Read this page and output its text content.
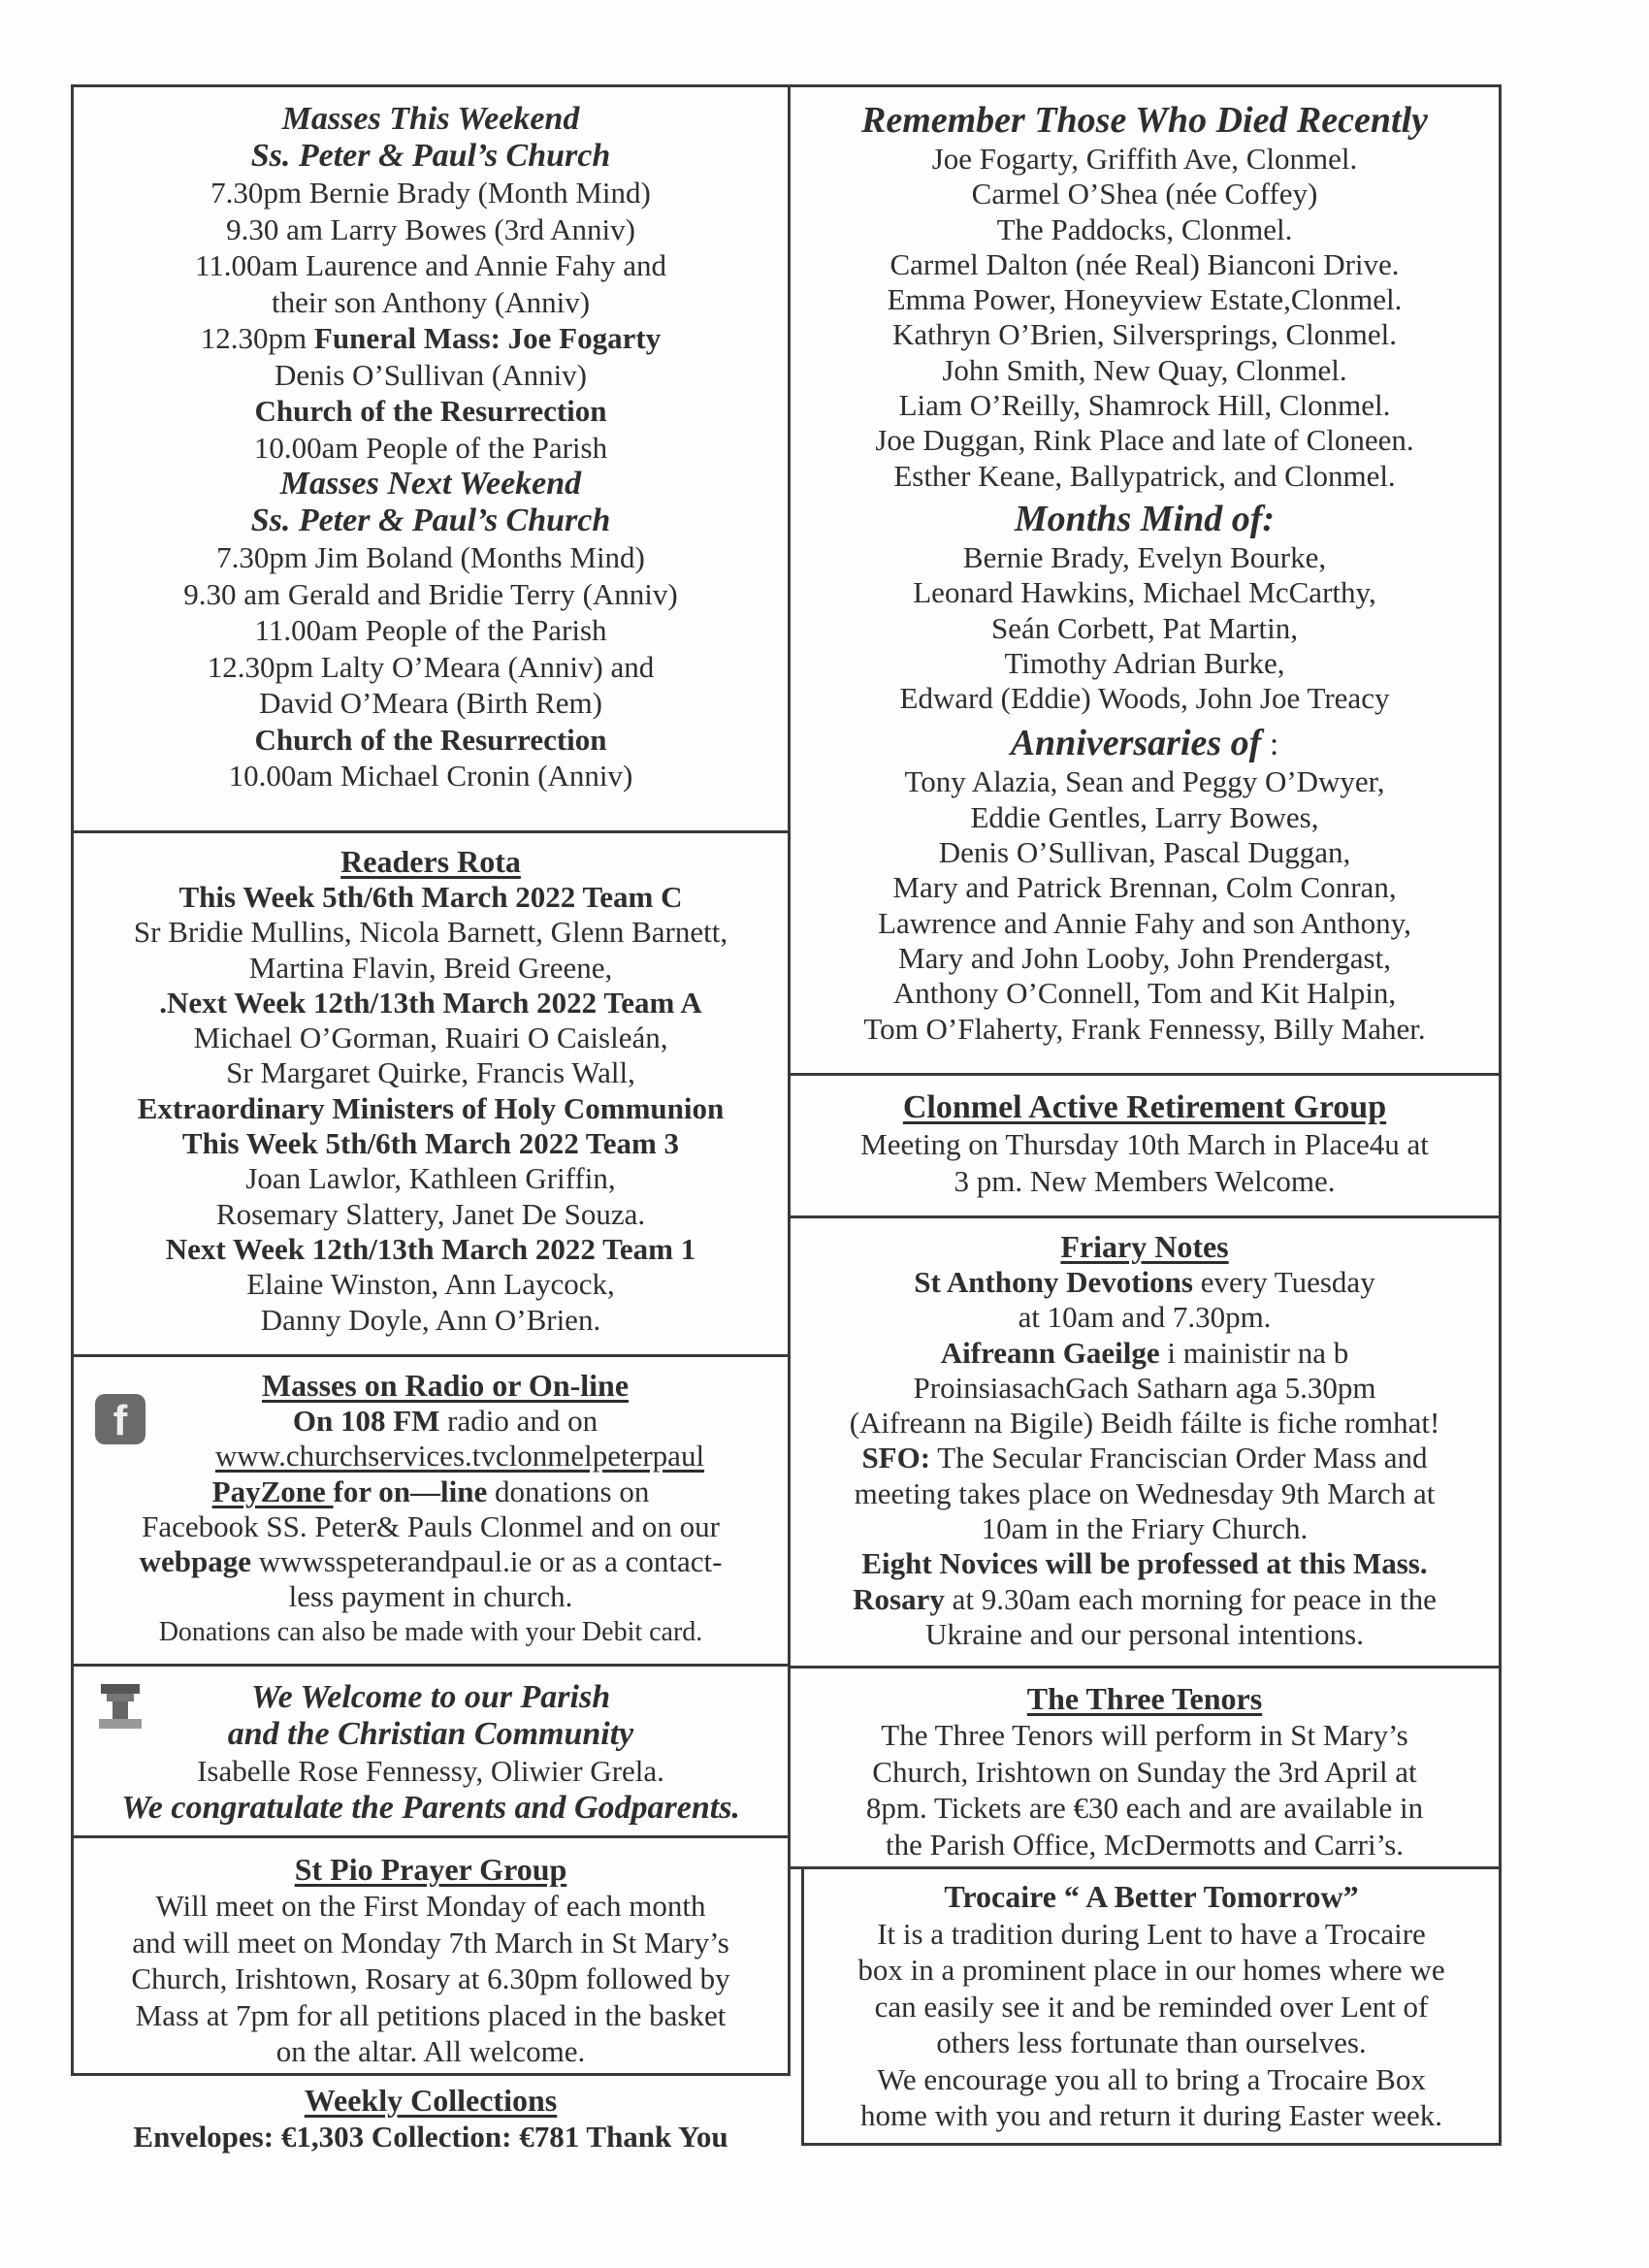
Masses This Weekend
Ss. Peter & Paul’s Church
7.30pm Bernie Brady (Month Mind)
9.30 am Larry Bowes (3rd Anniv)
11.00am Laurence and Annie Fahy and
their son Anthony (Anniv)
12.30pm Funeral Mass: Joe Fogarty
Denis O’Sullivan (Anniv)
Church of the Resurrection
10.00am People of the Parish
Masses Next Weekend
Ss. Peter & Paul’s Church
7.30pm Jim Boland (Months Mind)
9.30 am Gerald and Bridie Terry (Anniv)
11.00am People of the Parish
12.30pm Lalty O’Meara (Anniv) and
David O’Meara (Birth Rem)
Church of the Resurrection
10.00am Michael Cronin (Anniv)
Readers Rota
This Week 5th/6th March 2022 Team C
Sr Bridie Mullins, Nicola Barnett, Glenn Barnett,
Martina Flavin, Breid Greene,
.Next Week 12th/13th March 2022 Team A
Michael O’Gorman, Ruairi O Caisleán,
Sr Margaret Quirke, Francis Wall,
Extraordinary Ministers of Holy Communion
This Week 5th/6th March 2022 Team 3
Joan Lawlor, Kathleen Griffin,
Rosemary Slattery, Janet De Souza.
Next Week 12th/13th March 2022 Team 1
Elaine Winston, Ann Laycock,
Danny Doyle, Ann O’Brien.
f
Masses on Radio or On-line
On 108 FM radio and on
www.churchservices.tvclonmelpeterpaul
PayZone for on—line donations on
Facebook SS. Peter& Pauls Clonmel and on our
webpage wwwsspeterandpaul.ie or as a contact-
less payment in church.
Donations can also be made with your Debit card.
We Welcome to our Parish
and the Christian Community
Isabelle Rose Fennessy, Oliwier Grela.
We congratulate the Parents and Godparents.
St Pio Prayer Group
Will meet on the First Monday of each month
and will meet on Monday 7th March in St Mary’s
Church, Irishtown, Rosary at 6.30pm followed by
Mass at 7pm for all petitions placed in the basket
on the altar. All welcome.
Weekly Collections
Envelopes: €1,303 Collection: €781 Thank You
Remember Those Who Died Recently
Joe Fogarty, Griffith Ave, Clonmel.
Carmel O’Shea (née Coffey)
The Paddocks, Clonmel.
Carmel Dalton (née Real) Bianconi Drive.
Emma Power, Honeyview Estate,Clonmel.
Kathryn O’Brien, Silversprings, Clonmel.
John Smith, New Quay, Clonmel.
Liam O’Reilly, Shamrock Hill, Clonmel.
Joe Duggan, Rink Place and late of Cloneen.
Esther Keane, Ballypatrick, and Clonmel.
Months Mind of:
Bernie Brady, Evelyn Bourke,
Leonard Hawkins, Michael McCarthy,
Seán Corbett, Pat Martin,
Timothy Adrian Burke,
Edward (Eddie) Woods, John Joe Treacy
Anniversaries of :
Tony Alazia, Sean and Peggy O’Dwyer,
Eddie Gentles, Larry Bowes,
Denis O’Sullivan, Pascal Duggan,
Mary and Patrick Brennan, Colm Conran,
Lawrence and Annie Fahy and son Anthony,
Mary and John Looby, John Prendergast,
Anthony O’Connell, Tom and Kit Halpin,
Tom O’Flaherty, Frank Fennessy, Billy Maher.
Clonmel Active Retirement Group
Meeting on Thursday 10th March in Place4u at
3 pm. New Members Welcome.
Friary Notes
St Anthony Devotions every Tuesday
at 10am and 7.30pm.
Aifreann Gaeilge i mainistir na b
ProinsiasachGach Satharn aga 5.30pm
(Aifreann na Bigile) Beidh fáilte is fiche romhat!
SFO: The Secular Franciscian Order Mass and
meeting takes place on Wednesday 9th March at
10am in the Friary Church.
Eight Novices will be professed at this Mass.
Rosary at 9.30am each morning for peace in the
Ukraine and our personal intentions.
The Three Tenors
The Three Tenors will perform in St Mary’s
Church, Irishtown on Sunday the 3rd April at
8pm. Tickets are €30 each and are available in
the Parish Office, McDermotts and Carri’s.
Trocaire “ A Better Tomorrow”
It is a tradition during Lent to have a Trocaire
box in a prominent place in our homes where we
can easily see it and be reminded over Lent of
others less fortunate than ourselves.
We encourage you all to bring a Trocaire Box
home with you and return it during Easter week.
